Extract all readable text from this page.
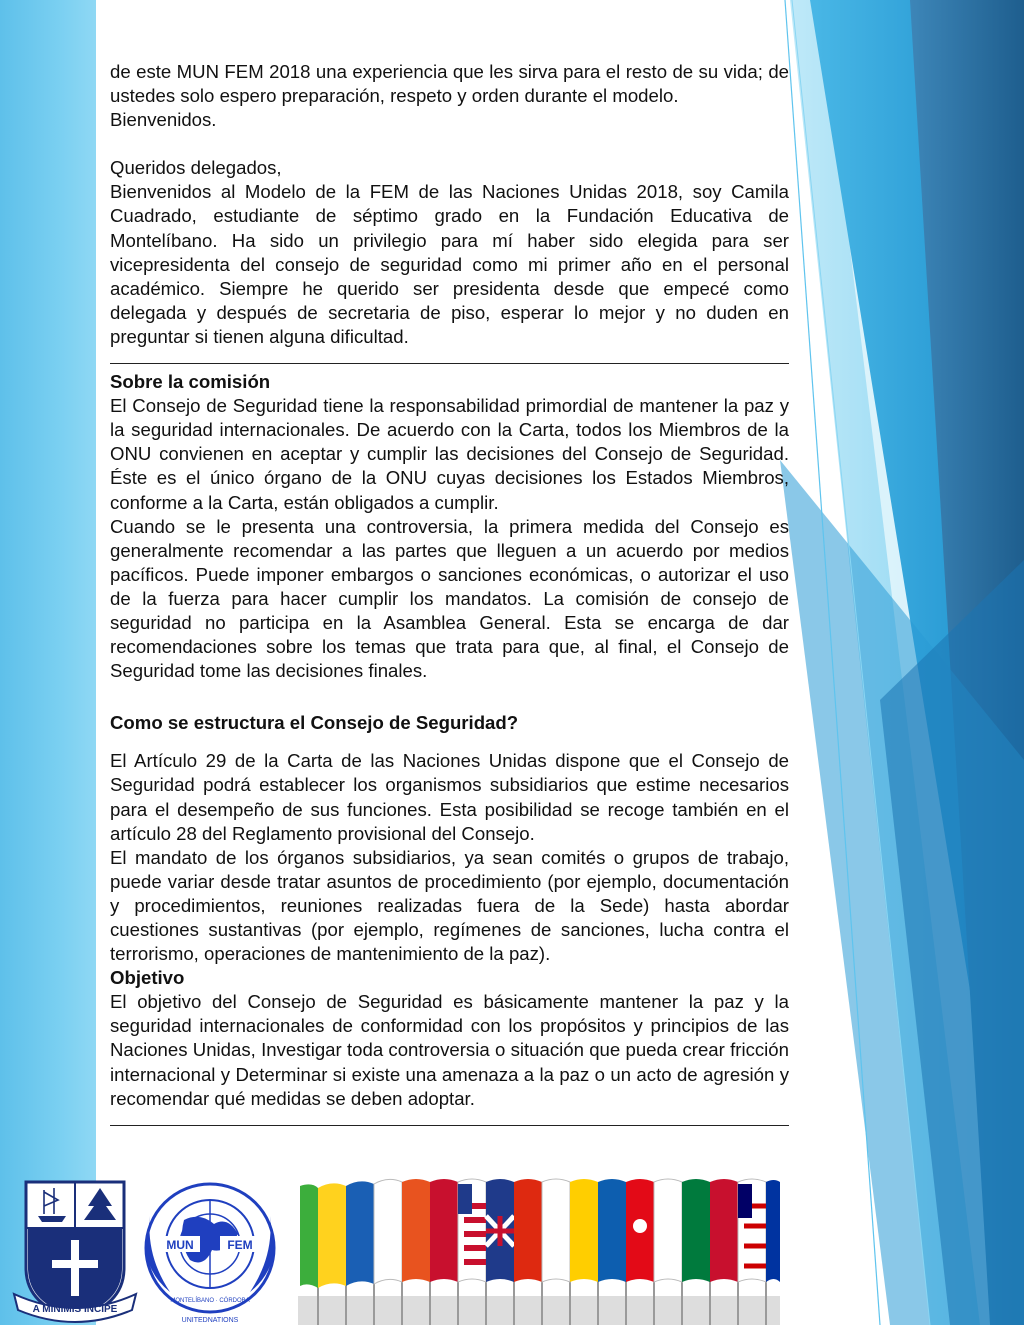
de este MUN FEM 2018 una experiencia que les sirva para el resto de su vida; de ustedes solo espero preparación, respeto y orden durante el modelo.

Bienvenidos.

Queridos delegados,

Bienvenidos al Modelo de la FEM de las Naciones Unidas 2018, soy Camila Cuadrado, estudiante de séptimo grado en la Fundación Educativa de Montelíbano. Ha sido un privilegio para mí haber sido elegida para ser vicepresidenta del consejo de seguridad como mi primer año en el personal académico. Siempre he querido ser presidenta desde que empecé como delegada y después de secretaria de piso, esperar lo mejor y no duden en preguntar si tienen alguna dificultad.

Sobre la comisión

El Consejo de Seguridad tiene la responsabilidad primordial de mantener la paz y la seguridad internacionales. De acuerdo con la Carta, todos los Miembros de la ONU convienen en aceptar y cumplir las decisiones del Consejo de Seguridad. Éste es el único órgano de la ONU cuyas decisiones los Estados Miembros, conforme a la Carta, están obligados a cumplir.

Cuando se le presenta una controversia, la primera medida del Consejo es generalmente recomendar a las partes que lleguen a un acuerdo por medios pacíficos. Puede imponer embargos o sanciones económicas, o autorizar el uso de la fuerza para hacer cumplir los mandatos. La comisión de consejo de seguridad no participa en la Asamblea General. Esta se encarga de dar recomendaciones sobre los temas que trata para que, al final, el Consejo de Seguridad tome las decisiones finales.

Como se estructura el Consejo de Seguridad?

El Artículo 29 de la Carta de las Naciones Unidas dispone que el Consejo de Seguridad podrá establecer los organismos subsidiarios que estime necesarios para el desempeño de sus funciones. Esta posibilidad se recoge también en el artículo 28 del Reglamento provisional del Consejo.

El mandato de los órganos subsidiarios, ya sean comités o grupos de trabajo, puede variar desde tratar asuntos de procedimiento (por ejemplo, documentación y procedimientos, reuniones realizadas fuera de la Sede) hasta abordar cuestiones sustantivas (por ejemplo, regímenes de sanciones, lucha contra el terrorismo, operaciones de mantenimiento de la paz).

Objetivo

El objetivo del Consejo de Seguridad es básicamente mantener la paz y la seguridad internacionales de conformidad con los propósitos y principios de las Naciones Unidas, Investigar toda controversia o situación que pueda crear fricción internacional y Determinar si existe una amenaza a la paz o un acto de agresión y recomendar qué medidas se deben adoptar.

A MINIMIS INCIPE
MUN	FEM
MONTELÍBANO · CÓRDOBA
UNITEDNATIONS
